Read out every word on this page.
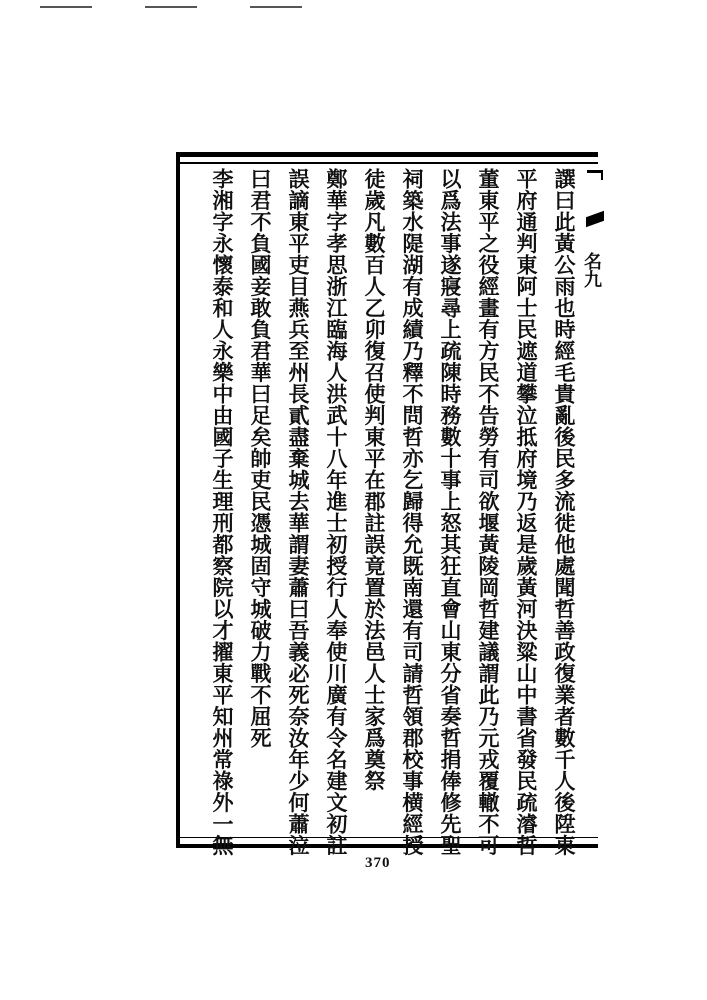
名九
譔曰此黃公雨也時經毛貴亂後民多流徙他處聞哲善政復業者數千人後陞東
平府通判東阿士民遮道攀泣抵府境乃返是歲黃河決粱山中書省發民疏濬哲
董東平之役經畫有方民不告勞有司欲堰黃陵岡哲建議謂此乃元戎覆轍不可
以爲法事遂寢尋上疏陳時務數十事上怒其狂直會山東分省奏哲捐俸修先聖
祠築水隄湖有成績乃釋不問哲亦乞歸得允既南還有司請哲領郡校事横經授
徒歲凡數百人乙卯復召使判東平在郡註誤竟置於法邑人士家爲奠祭
鄭華字孝思浙江臨海人洪武十八年進士初授行人奉使川廣有令名建文初註
誤謫東平吏目燕兵至州長貳盡棄城去華謂妻蕭曰吾義必死奈汝年少何蕭泣
曰君不負國妾敢負君華曰足矣帥吏民憑城固守城破力戰不屈死
李湘字永懷泰和人永樂中由國子生理刑都察院以才擢東平知州常祿外一無
370
